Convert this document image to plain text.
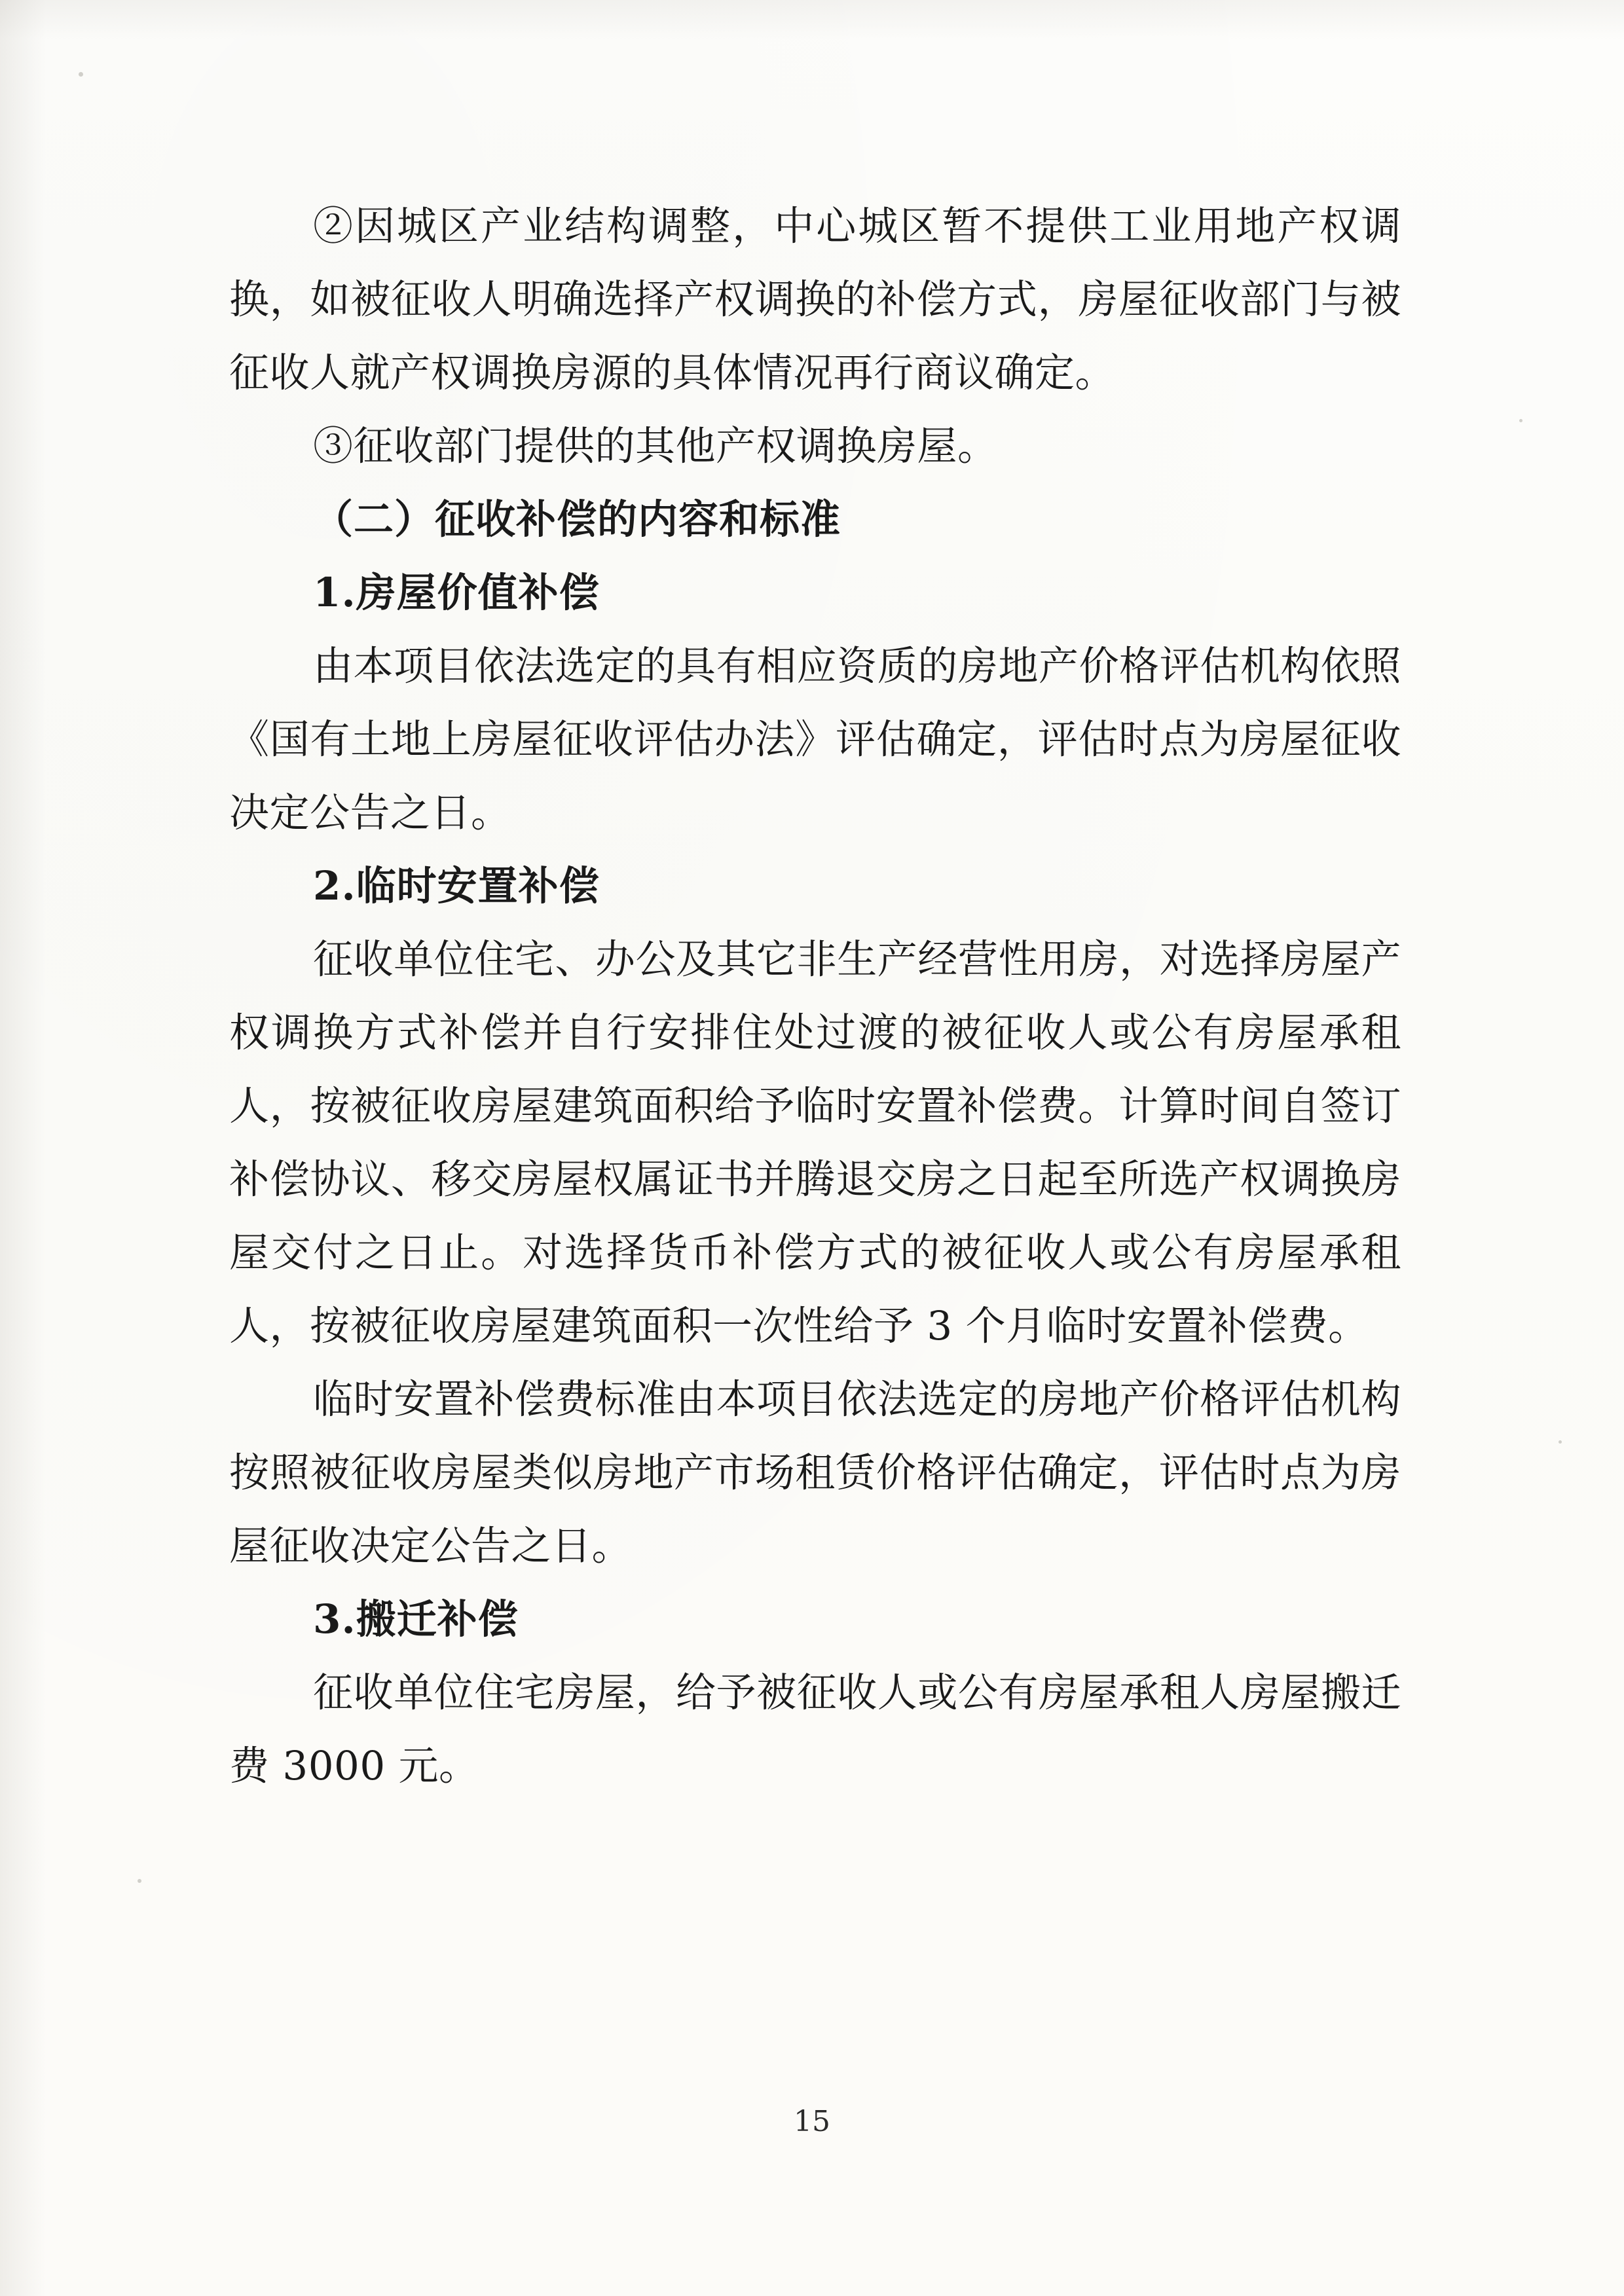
②因城区产业结构调整，中心城区暂不提供工业用地产权调换，如被征收人明确选择产权调换的补偿方式，房屋征收部门与被征收人就产权调换房源的具体情况再行商议确定。

③征收部门提供的其他产权调换房屋。

（二）征收补偿的内容和标准

1.房屋价值补偿

由本项目依法选定的具有相应资质的房地产价格评估机构依照《国有土地上房屋征收评估办法》评估确定，评估时点为房屋征收决定公告之日。

2.临时安置补偿

征收单位住宅、办公及其它非生产经营性用房，对选择房屋产权调换方式补偿并自行安排住处过渡的被征收人或公有房屋承租人，按被征收房屋建筑面积给予临时安置补偿费。计算时间自签订补偿协议、移交房屋权属证书并腾退交房之日起至所选产权调换房屋交付之日止。对选择货币补偿方式的被征收人或公有房屋承租人，按被征收房屋建筑面积一次性给予 3 个月临时安置补偿费。

临时安置补偿费标准由本项目依法选定的房地产价格评估机构按照被征收房屋类似房地产市场租赁价格评估确定，评估时点为房屋征收决定公告之日。

3.搬迁补偿

征收单位住宅房屋，给予被征收人或公有房屋承租人房屋搬迁费 3000 元。

15
